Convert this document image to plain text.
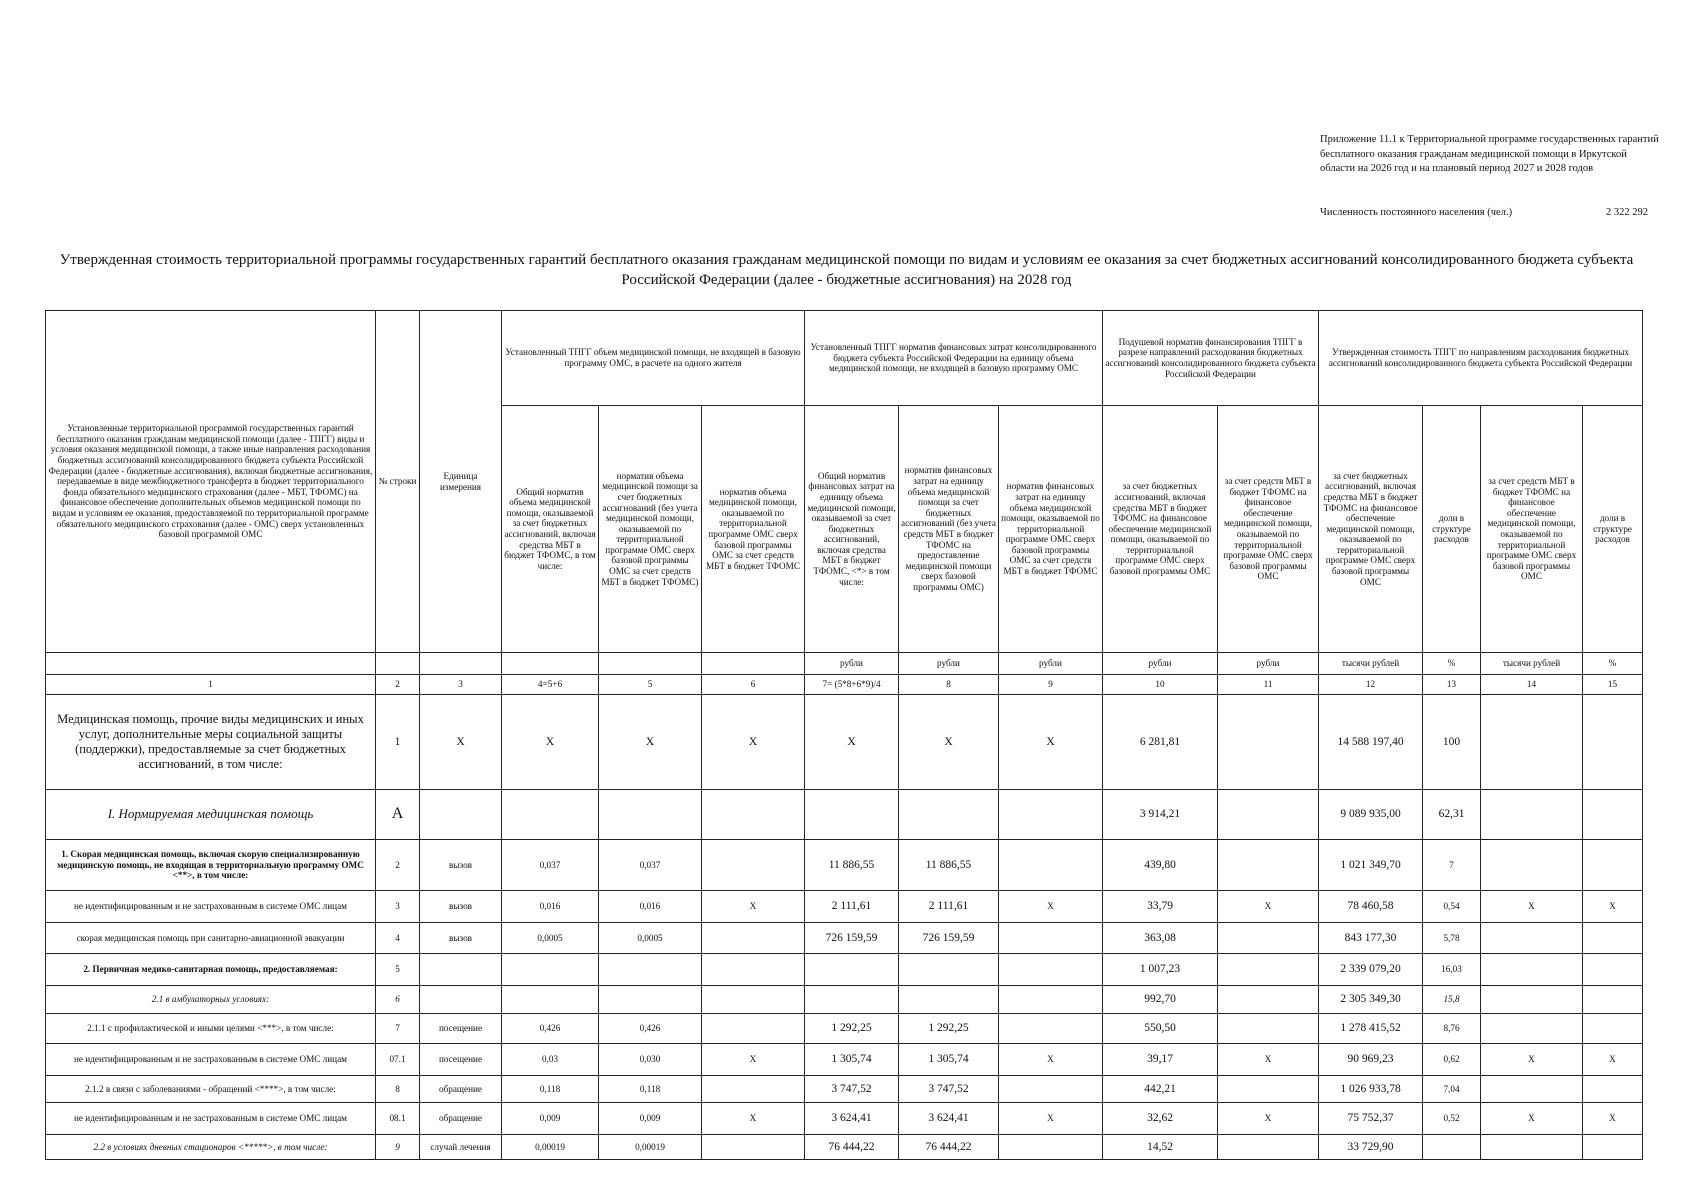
Приложение 11.1 к Территориальной программе государственных гарантий бесплатного оказания гражданам медицинской помощи в Иркутской области на 2026 год и на плановый период 2027 и 2028 годов
Численность постоянного населения (чел.)	2 322 292
Утвержденная стоимость территориальной программы государственных гарантий бесплатного оказания гражданам медицинской помощи по видам и условиям ее оказания за счет бюджетных ассигнований консолидированного бюджета субъекта Российской Федерации (далее - бюджетные ассигнования) на 2028 год
Установленные территориальной программой государственных гарантий бесплатного оказания гражданам медицинской помощи (далее - ТПГГ) виды и условия оказания медицинской помощи, а также иные направления расходования бюджетных ассигнований консолидированного бюджета субъекта Российской Федерации (далее - бюджетные ассигнования), включая бюджетные ассигнования, передаваемые в виде межбюджетного трансферта в бюджет территориального фонда обязательного медицинского страхования (далее - МБТ, ТФОМС) на финансовое обеспечение дополнительных объемов медицинской помощи по видам и условиям ее оказания, предоставляемой по территориальной программе обязательного медицинского страхования (далее - ОМС) сверх установленных базовой программой ОМС	№ строки	Единица измерения	Установленный ТПГГ объем медицинской помощи, не входящей в базовую программу ОМС, в расчете на одного жителя			Установленный ТПГГ норматив финансовых затрат консолидированного бюджета субъекта Российской Федерации на единицу объема медицинской помощи, не входящей в базовую программу ОМС			Подушевой норматив финансирования ТПГГ в разрезе направлений расходования бюджетных ассигнований консолидированного бюджета субъекта Российской Федерации		Утвержденная стоимость ТПГГ по направлениям расходования бюджетных ассигнований консолидированного бюджета субъекта Российской Федерации			
			Общий норматив объема медицинской помощи, оказываемой за счет бюджетных ассигнований, включая средства МБТ в бюджет ТФОМС, в том числе:	норматив объема медицинской помощи за счет бюджетных ассигнований (без учета медицинской помощи, оказываемой по территориальной программе ОМС сверх базовой программы ОМС за счет средств МБТ в бюджет ТФОМС)	норматив объема медицинской помощи, оказываемой по территориальной программе ОМС сверх базовой программы ОМС за счет средств МБТ в бюджет ТФОМС	Общий норматив финансовых затрат на единицу объема медицинской помощи, оказываемой за счет бюджетных ассигнований, включая средства МБТ в бюджет ТФОМС, <*> в том числе:	норматив финансовых затрат на единицу объема медицинской помощи за счет бюджетных ассигнований (без учета средств МБТ в бюджет ТФОМС на предоставление медицинской помощи сверх базовой программы ОМС)	норматив финансовых затрат на единицу объема медицинской помощи, оказываемой по территориальной программе ОМС сверх базовой программы ОМС за счет средств МБТ в бюджет ТФОМС	за счет бюджетных ассигнований, включая средства МБТ в бюджет ТФОМС на финансовое обеспечение медицинской помощи, оказываемой по территориальной программе ОМС сверх базовой программы ОМС	за счет средств МБТ в бюджет ТФОМС на финансовое обеспечение медицинской помощи, оказываемой по территориальной программе ОМС сверх базовой программы ОМС	за счет бюджетных ассигнований, включая средства МБТ в бюджет ТФОМС на финансовое обеспечение медицинской помощи, оказываемой по территориальной программе ОМС сверх базовой программы ОМС	доли в структуре расходов	за счет средств МБТ в бюджет ТФОМС на финансовое обеспечение медицинской помощи, оказываемой по территориальной программе ОМС сверх базовой программы ОМС	доли в структуре расходов
						рубли	рубли	рубли	рубли	рубли	тысячи рублей	%	тысячи рублей	%
1	2	3	4=5+6	5	6	7= (5*8+6*9)/4	8	9	10	11	12	13	14	15
Медицинская помощь, прочие виды медицинских и иных услуг, дополнительные меры социальной защиты (поддержки), предоставляемые за счет бюджетных ассигнований, в том числе:	1	Х	Х	Х	Х	Х	Х	Х	6 281,81		14 588 197,40	100		
I. Нормируемая медицинская помощь	А								3 914,21		9 089 935,00	62,31		
1. Скорая медицинская помощь, включая скорую специализированную медицинскую помощь, не входящая в территориальную программу ОМС <**>, в том числе:	2	вызов	0,037	0,037		11 886,55	11 886,55		439,80		1 021 349,70	7		
не идентифицированным и не застрахованным в системе ОМС лицам	3	вызов	0,016	0,016	Х	2 111,61	2 111,61	Х	33,79	Х	78 460,58	0,54	Х	Х
скорая медицинская помощь при санитарно-авиационной эвакуации	4	вызов	0,0005	0,0005		726 159,59	726 159,59		363,08		843 177,30	5,78		
2. Первичная медико-санитарная помощь, предоставляемая:	5								1 007,23		2 339 079,20	16,03		
2.1 в амбулаторных условиях:	6								992,70		2 305 349,30	15,8		
2.1.1 с профилактической и иными целями <***>, в том числе:	7	посещение	0,426	0,426		1 292,25	1 292,25		550,50		1 278 415,52	8,76		
не идентифицированным и не застрахованным в системе ОМС лицам	07.1	посещение	0,03	0,030	Х	1 305,74	1 305,74	Х	39,17	Х	90 969,23	0,62	Х	Х
2.1.2 в связи с заболеваниями - обращений <****>, в том числе:	8	обращение	0,118	0,118		3 747,52	3 747,52		442,21		1 026 933,78	7,04		
не идентифицированным и не застрахованным в системе ОМС лицам	08.1	обращение	0,009	0,009	Х	3 624,41	3 624,41	Х	32,62	Х	75 752,37	0,52	Х	Х
2.2 в условиях дневных стационаров <*****>, в том числе:	9	случай лечения	0,00019	0,00019		76 444,22	76 444,22		14,52		33 729,90			
